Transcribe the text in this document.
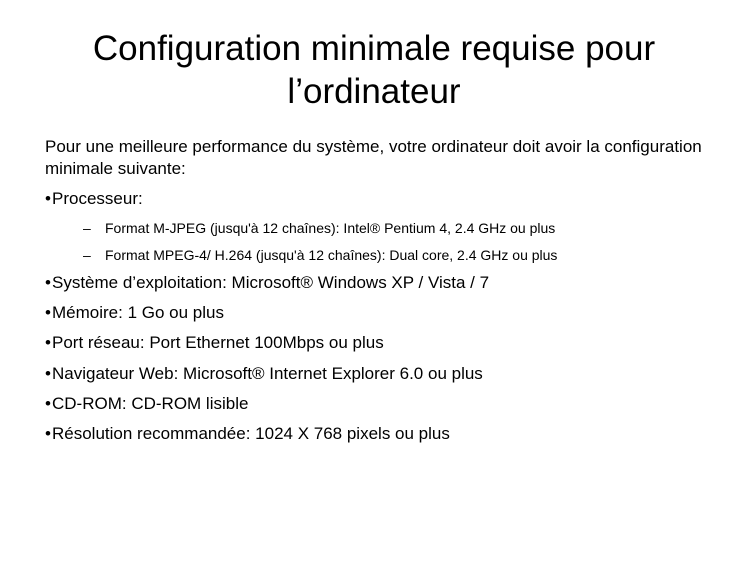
Configuration minimale requise pour
l’ordinateur

Pour une meilleure performance du système, votre ordinateur doit avoir la configuration minimale suivante:

•Processeur:

– Format M-JPEG (jusqu'à 12 chaînes): Intel® Pentium 4, 2.4 GHz ou plus

– Format MPEG-4/ H.264 (jusqu'à 12 chaînes): Dual core, 2.4 GHz ou plus

•Système d’exploitation: Microsoft® Windows XP / Vista / 7

•Mémoire: 1 Go ou plus

•Port réseau: Port Ethernet 100Mbps ou plus

•Navigateur Web: Microsoft® Internet Explorer 6.0 ou plus

•CD-ROM: CD-ROM lisible

•Résolution recommandée: 1024 X 768 pixels ou plus
